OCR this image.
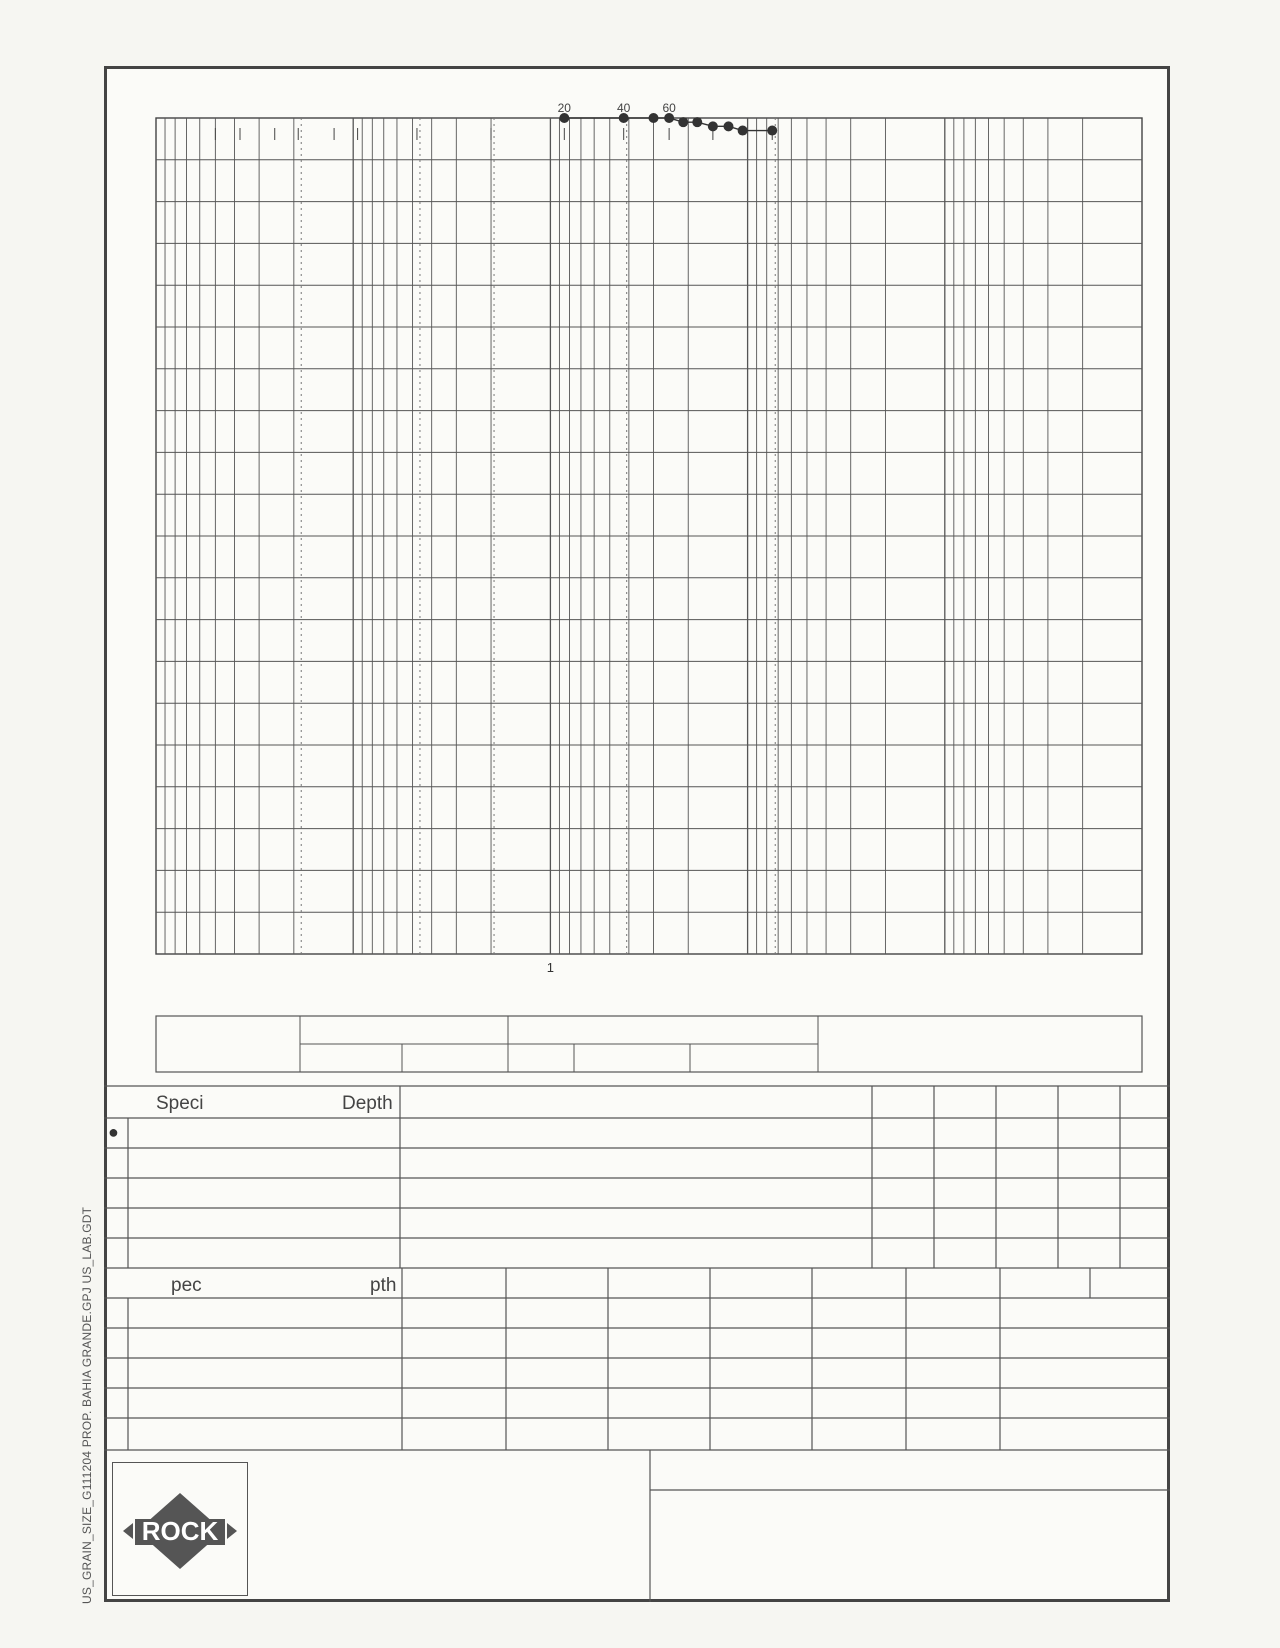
20	40	60
1
Speci	Depth
●
pec	pth
US_GRAIN_SIZE_G111204 PROP. BAHIA GRANDE.GPJ US_LAB.GDT ROCK
